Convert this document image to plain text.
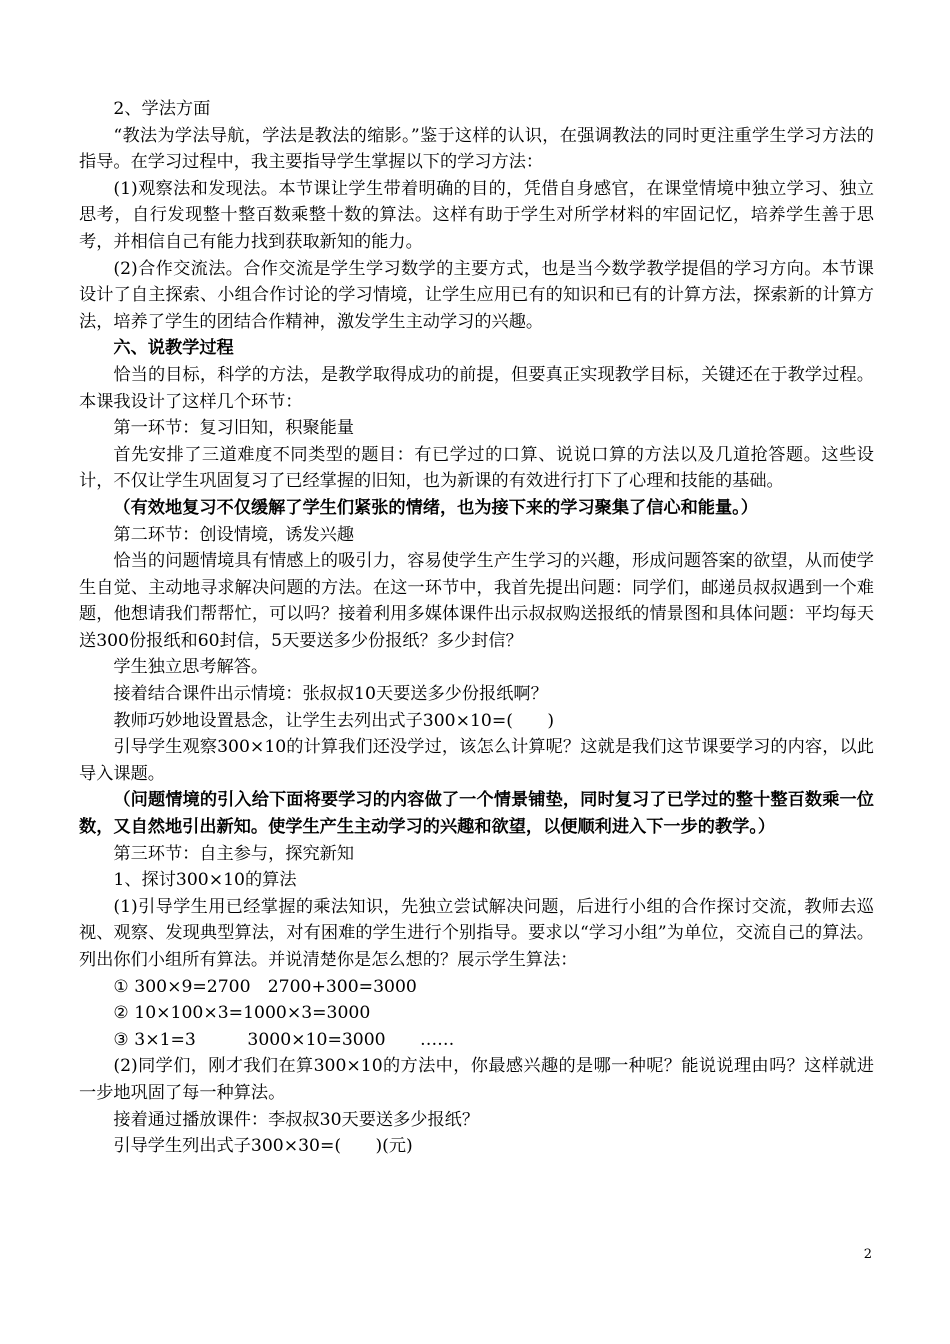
2、学法方面

“教法为学法导航，学法是教法的缩影。”鉴于这样的认识，在强调教法的同时更注重学生学习方法的指导。在学习过程中，我主要指导学生掌握以下的学习方法：

(1)观察法和发现法。本节课让学生带着明确的目的，凭借自身感官，在课堂情境中独立学习、独立思考，自行发现整十整百数乘整十数的算法。这样有助于学生对所学材料的牢固记忆，培养学生善于思考，并相信自己有能力找到获取新知的能力。

(2)合作交流法。合作交流是学生学习数学的主要方式，也是当今数学教学提倡的学习方向。本节课设计了自主探索、小组合作讨论的学习情境，让学生应用已有的知识和已有的计算方法，探索新的计算方法，培养了学生的团结合作精神，激发学生主动学习的兴趣。

六、说教学过程

恰当的目标，科学的方法，是教学取得成功的前提，但要真正实现教学目标，关键还在于教学过程。本课我设计了这样几个环节：

第一环节：复习旧知，积聚能量

首先安排了三道难度不同类型的题目：有已学过的口算、说说口算的方法以及几道抢答题。这些设计，不仅让学生巩固复习了已经掌握的旧知，也为新课的有效进行打下了心理和技能的基础。

（有效地复习不仅缓解了学生们紧张的情绪，也为接下来的学习聚集了信心和能量。）

第二环节：创设情境，诱发兴趣

恰当的问题情境具有情感上的吸引力，容易使学生产生学习的兴趣，形成问题答案的欲望，从而使学生自觉、主动地寻求解决问题的方法。在这一环节中，我首先提出问题：同学们，邮递员叔叔遇到一个难题，他想请我们帮帮忙，可以吗？接着利用多媒体课件出示叔叔购送报纸的情景图和具体问题：平均每天送300份报纸和60封信，5天要送多少份报纸？多少封信？

学生独立思考解答。

接着结合课件出示情境：张叔叔10天要送多少份报纸啊？

教师巧妙地设置悬念，让学生去列出式子300×10=(　　)

引导学生观察300×10的计算我们还没学过，该怎么计算呢？这就是我们这节课要学习的内容，以此导入课题。

（问题情境的引入给下面将要学习的内容做了一个情景铺垫，同时复习了已学过的整十整百数乘一位数，又自然地引出新知。使学生产生主动学习的兴趣和欲望，以便顺利进入下一步的教学。）

第三环节：自主参与，探究新知

1、探讨300×10的算法

(1)引导学生用已经掌握的乘法知识，先独立尝试解决问题，后进行小组的合作探讨交流，教师去巡视、观察、发现典型算法，对有困难的学生进行个别指导。要求以“学习小组”为单位，交流自己的算法。列出你们小组所有算法。并说清楚你是怎么想的？展示学生算法：

① 300×9=2700　2700+300=3000

② 10×100×3=1000×3=3000

③ 3×1=3　　　3000×10=3000　　……

(2)同学们，刚才我们在算300×10的方法中，你最感兴趣的是哪一种呢？能说说理由吗？这样就进一步地巩固了每一种算法。

接着通过播放课件：李叔叔30天要送多少报纸？

引导学生列出式子300×30=(　　)(元)

2
